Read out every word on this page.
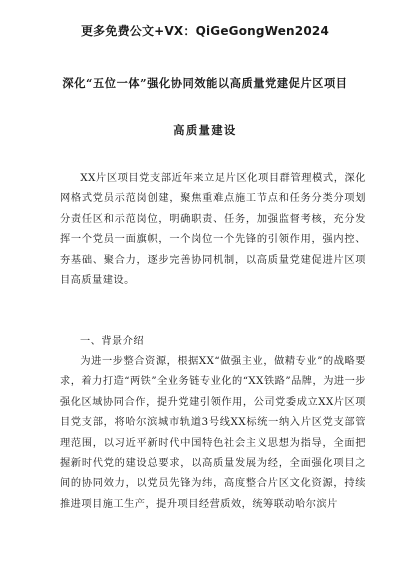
更多免费公文+VX：QiGeGongWen2024
深化“五位一体”强化协同效能以高质量党建促片区项目
高质量建设

XX片区项目党支部近年来立足片区化项目群管理模式，深化网格式党员示范岗创建，聚焦重难点施工节点和任务分类分项划分责任区和示范岗位，明确职责、任务，加强监督考核，充分发挥一个党员一面旗帜，一个岗位一个先锋的引领作用，强内控、夯基础、聚合力，逐步完善协同机制，以高质量党建促进片区项目高质量建设。

一、背景介绍

为进一步整合资源，根据XX“做强主业，做精专业”的战略要求，着力打造“两铁”全业务链专业化的“XX铁路”品牌，为进一步强化区域协同合作，提升党建引领作用，公司党委成立XX片区项目党支部，将哈尔滨城市轨道3号线XX标统一纳入片区党支部管理范围，以习近平新时代中国特色社会主义思想为指导，全面把握新时代党的建设总要求，以高质量发展为经，全面强化项目之间的协同效力，以党员先锋为纬，高度整合片区文化资源，持续推进项目施工生产，提升项目经营质效，统筹联动哈尔滨片
